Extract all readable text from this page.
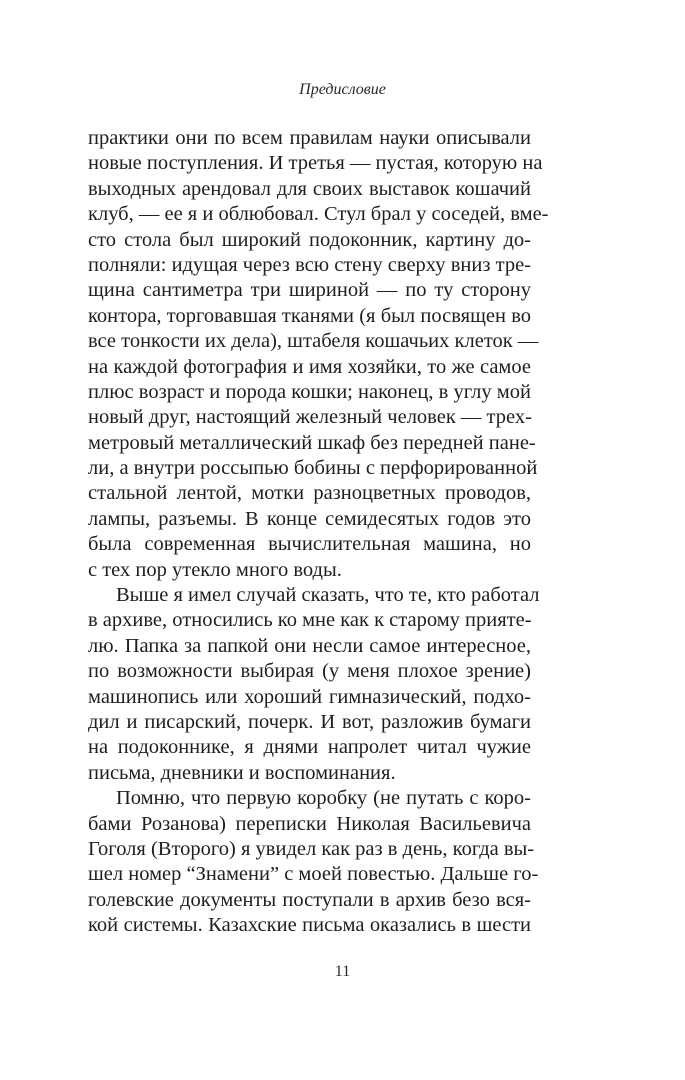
Предисловие
практики они по всем правилам науки описывали
новые поступления. И третья — пустая, которую на
выходных арендовал для своих выставок кошачий
клуб, — ее я и облюбовал. Стул брал у соседей, вме-
сто стола был широкий подоконник, картину до-
полняли: идущая через всю стену сверху вниз тре-
щина сантиметра три шириной — по ту сторону
контора, торговавшая тканями (я был посвящен во
все тонкости их дела), штабеля кошачьих клеток —
на каждой фотография и имя хозяйки, то же самое
плюс возраст и порода кошки; наконец, в углу мой
новый друг, настоящий железный человек — трех-
метровый металлический шкаф без передней пане-
ли, а внутри россыпью бобины с перфорированной
стальной лентой, мотки разноцветных проводов,
лампы, разъемы. В конце семидесятых годов это
была современная вычислительная машина, но
с тех пор утекло много воды.
Выше я имел случай сказать, что те, кто работал
в архиве, относились ко мне как к старому прияте-
лю. Папка за папкой они несли самое интересное,
по возможности выбирая (у меня плохое зрение)
машинопись или хороший гимназический, подхо-
дил и писарский, почерк. И вот, разложив бумаги
на подоконнике, я днями напролет читал чужие
письма, дневники и воспоминания.
Помню, что первую коробку (не путать с коро-
бами Розанова) переписки Николая Васильевича
Гоголя (Второго) я увидел как раз в день, когда вы-
шел номер “Знамени” с моей повестью. Дальше го-
голевские документы поступали в архив безо вся-
кой системы. Казахские письма оказались в шести
11
